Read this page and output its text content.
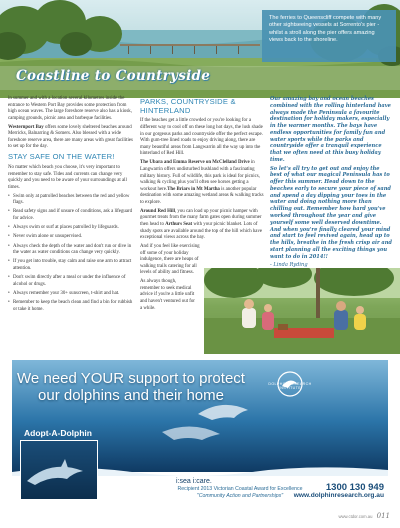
The ferries to Queenscliff compete with many other sightseeing vessels at Sorrento's pier - whilst a stroll along the pier offers amazing views back to the shoreline.
Coastline to Countryside

in summer and with a location several kilometres inside the entrance to Western Port Bay provides some protection from high ocean waves. The large foreshore reserve also has a kiosk, camping grounds, picnic area and barbeque facilities.

Westernport Bay offers some lovely sheltered beaches around Merricks, Balnarring & Somers. Also blessed with a wide foreshore reserve area, there are many areas with great facilities to set up for the day.

STAY SAFE ON THE WATER!

No matter which beach you choose, it's very important to remember to stay safe. Tides and currents can change very quickly and you need to be aware of your surroundings at all times.

• Swim only at patrolled beaches between the red and yellow flags.
• Read safety signs and if unsure of conditions, ask a lifeguard for advice.
• Always swim or surf at places patrolled by lifeguards.
• Never swim alone or unsupervised.
• Always check the depth of the water and don't run or dive in the water as water conditions can change very quickly.
• If you get into trouble, stay calm and raise one arm to attract attention.
• Don't swim directly after a meal or under the influence of alcohol or drugs.
• Always remember your 30+ sunscreen, t-shirt and hat.
• Remember to keep the beach clean and find a bin for rubbish or take it home.
PARKS, COUNTRYSIDE & HINTERLAND

If the beaches get a little crowded or you're looking for a different way to cool off on these long hot days, the lush shade in our gorgeous parks and countryside offer the perfect escape. With gum-tree lined roads to enjoy driving along, there are many beautiful areas from Langwarrin all the way up into the hinterland of Red Hill.

The Ubara and Emma Reserve on McClelland Drive in Langwarrin offers undisturbed bushland with a fascinating military history. Full of wildlife, this park is ideal for picnics, walking & cycling plus you'll often see horses getting a workout here.The Briars in Mt Martha is another popular destination with some amazing wetland areas & walking tracks to explore.

Around Red Hill, you can load up your picnic hamper with gourmet treats from the many farm gates open during summer then head to Arthurs Seat with your picnic blanket. Lots of shady spots are available around the top of the hill which have exceptional views across the bay.

And if you feel like exercising off some of your holiday indulgence, there are heaps of walking trails catering for all levels of ability and fitness.

As always though, remember to seek medical advice if you're a little unfit and haven't ventured out for a while.

Our amazing bay and ocean beaches combined with the rolling hinterland have always made the Peninsula a favourite destination for holiday makers, especially in the warmer months. The bays have endless opportunities for family fun and water sports while the parks and countryside offer a tranquil experience that we often need at this busy holiday time.

So let's all try to get out and enjoy the best of what our magical Peninsula has to offer this summer. Head down to the beaches early to secure your piece of sand and spend a day dipping your toes in the water and doing nothing more than chilling out. Remember how hard you've worked throughout the year and give yourself some well deserved downtime. And when you're finally cleared your mind and start to feel revived again, head up to the hills, breathe in the fresh crisp air and start planning all the exciting things you want to do in 2014!!

- Linda Ryding

We need YOUR support to protect our dolphins and their home
Adopt-A-Dolphin
DOLPHIN RESEARCH INSTITUTE
i:sea i:care.
1300 130 949
www.dolphinresearch.org.au
Recipient 2013 Victorian Coastal Award for Excellence
"Community Action and Partnerships"
www.ctdor.com.au 011
